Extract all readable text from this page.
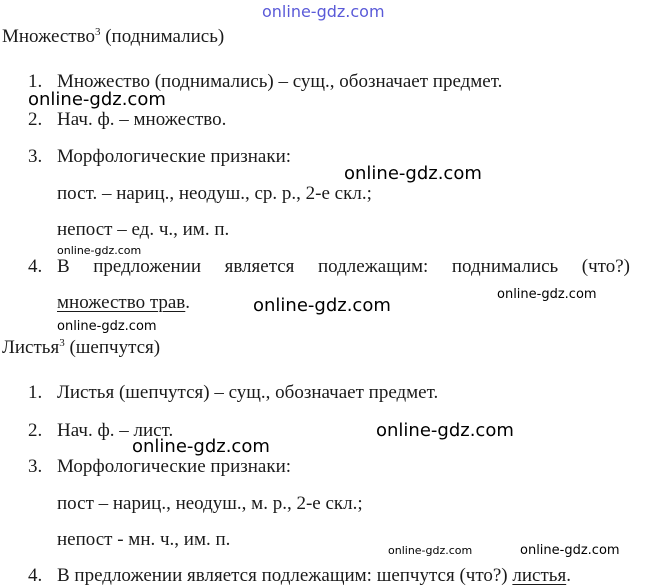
Множество$^3$ (поднимались)
1. Множество (поднимались) – сущ., обозначает предмет.
2. Нач. ф. – множество.
3. Морфологические признаки:
пост. – нариц., неодуш., ср. р., 2-е скл.;
непост – ед. ч., им. п.
4. В предложении является подлежащим: поднимались (что?)
множество трав.
Листья$^3$ (шепчутся)
1. Листья (шепчутся) – сущ., обозначает предмет.
2. Нач. ф. – лист.
3. Морфологические признаки:
пост – нариц., неодуш., м. р., 2-е скл.;
непост - мн. ч., им. п.
4. В предложении является подлежащим: шепчутся (что?) листья.
online-gdz.com
online-gdz.com
online-gdz.com
online-gdz.com
online-gdz.com
online-gdz.com
online-gdz.com
online-gdz.com
online-gdz.com
online-gdz.com	online-gdz.com
